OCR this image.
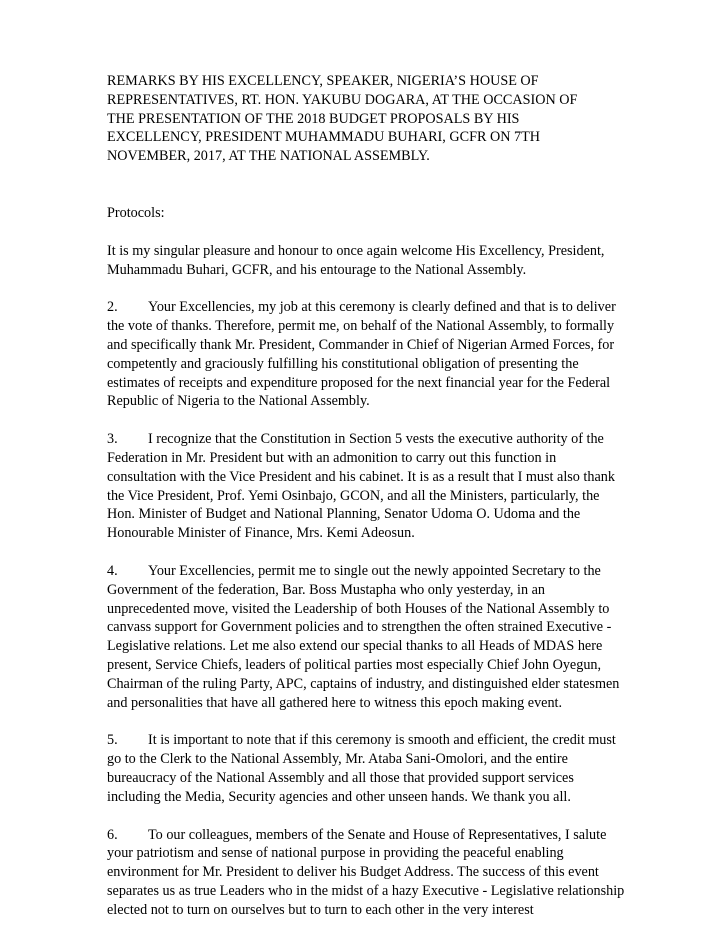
REMARKS BY HIS EXCELLENCY, SPEAKER, NIGERIA’S HOUSE OF
REPRESENTATIVES, RT. HON. YAKUBU DOGARA, AT THE OCCASION OF
THE PRESENTATION OF THE 2018 BUDGET PROPOSALS BY HIS
EXCELLENCY, PRESIDENT MUHAMMADU BUHARI, GCFR ON 7TH
NOVEMBER, 2017, AT THE NATIONAL ASSEMBLY.

Protocols:

It is my singular pleasure and honour to once again welcome His Excellency, President, Muhammadu Buhari, GCFR, and his entourage to the National Assembly.

2. Your Excellencies, my job at this ceremony is clearly defined and that is to deliver the vote of thanks. Therefore, permit me, on behalf of the National Assembly, to formally and specifically thank Mr. President, Commander in Chief of Nigerian Armed Forces, for competently and graciously fulfilling his constitutional obligation of presenting the estimates of receipts and expenditure proposed for the next financial year for the Federal Republic of Nigeria to the National Assembly.

3. I recognize that the Constitution in Section 5 vests the executive authority of the Federation in Mr. President but with an admonition to carry out this function in consultation with the Vice President and his cabinet. It is as a result that I must also thank the Vice President, Prof. Yemi Osinbajo, GCON, and all the Ministers, particularly, the Hon. Minister of Budget and National Planning, Senator Udoma O. Udoma and the Honourable Minister of Finance, Mrs. Kemi Adeosun.

4. Your Excellencies, permit me to single out the newly appointed Secretary to the Government of the federation, Bar. Boss Mustapha who only yesterday, in an unprecedented move, visited the Leadership of both Houses of the National Assembly to canvass support for Government policies and to strengthen the often strained Executive - Legislative relations. Let me also extend our special thanks to all Heads of MDAS here present, Service Chiefs, leaders of political parties most especially Chief John Oyegun, Chairman of the ruling Party, APC, captains of industry, and distinguished elder statesmen and personalities that have all gathered here to witness this epoch making event.

5. It is important to note that if this ceremony is smooth and efficient, the credit must go to the Clerk to the National Assembly, Mr. Ataba Sani-Omolori, and the entire bureaucracy of the National Assembly and all those that provided support services including the Media, Security agencies and other unseen hands. We thank you all.

6. To our colleagues, members of the Senate and House of Representatives, I salute your patriotism and sense of national purpose in providing the peaceful enabling environment for Mr. President to deliver his Budget Address. The success of this event separates us as true Leaders who in the midst of a hazy Executive - Legislative relationship elected not to turn on ourselves but to turn to each other in the very interest
